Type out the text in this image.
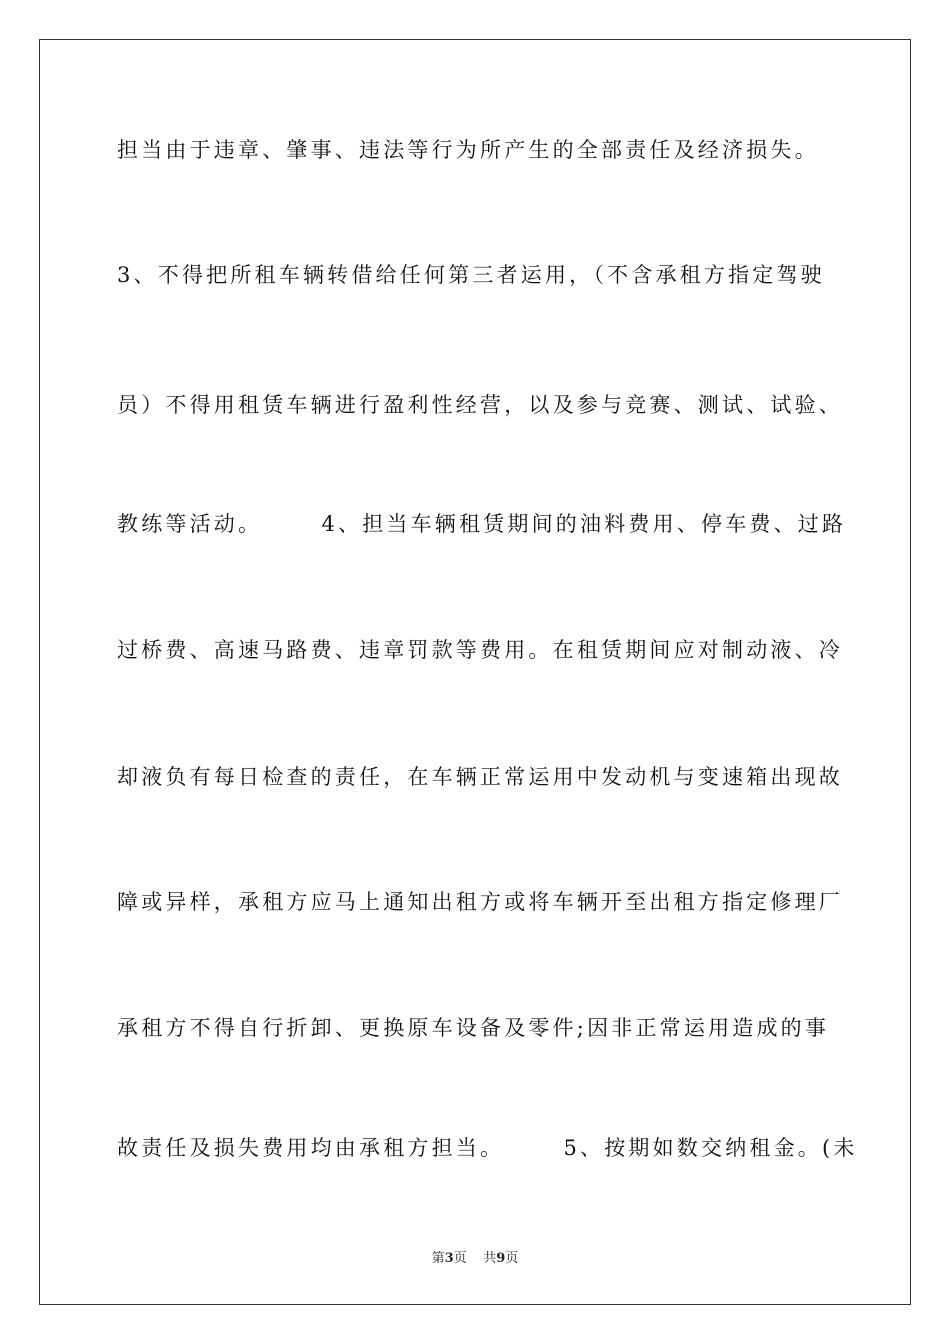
担当由于违章、肇事、违法等行为所产生的全部责任及经济损失。
3、不得把所租车辆转借给任何第三者运用，（不含承租方指定驾驶
员）不得用租赁车辆进行盈利性经营，以及参与竞赛、测试、试验、
教练等活动。      4、担当车辆租赁期间的油料费用、停车费、过路
过桥费、高速马路费、违章罚款等费用。在租赁期间应对制动液、冷
却液负有每日检查的责任，在车辆正常运用中发动机与变速箱出现故
障或异样，承租方应马上通知出租方或将车辆开至出租方指定修理厂
承租方不得自行折卸、更换原车设备及零件;因非正常运用造成的事
故责任及损失费用均由承租方担当。      5、按期如数交纳租金。(未
第3页 共9页
